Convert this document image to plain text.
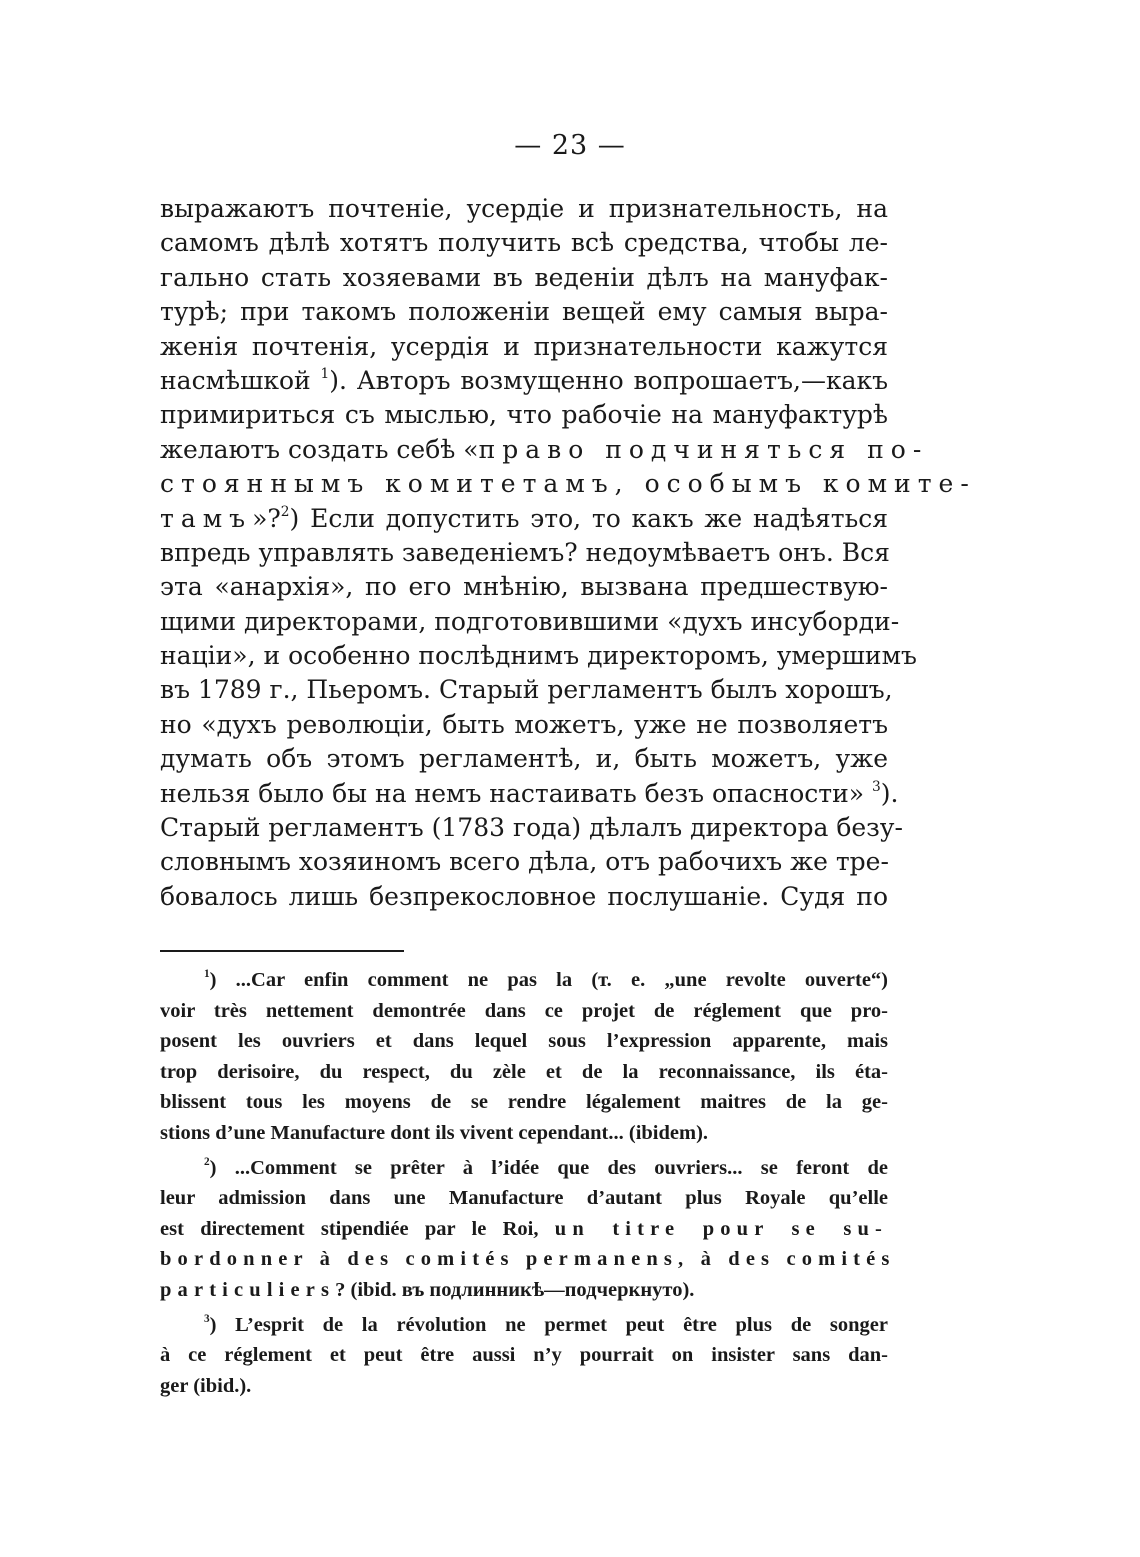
— 23 —
выражаютъ почтеніе, усердіе и признательность, на
самомъ дѣлѣ хотятъ получить всѣ средства, чтобы ле-
гально стать хозяевами въ веденіи дѣлъ на мануфак-
турѣ; при такомъ положеніи вещей ему самыя выра-
женія почтенія, усердія и признательности кажутся
насмѣшкой $^1$). Авторъ возмущенно вопрошаетъ,—какъ
примириться съ мыслью, что рабочіе на мануфактурѣ
желаютъ создать себѣ «право подчиняться по-
стояннымъ комитетамъ, особымъ комите-
тамъ»?$^2$) Если допустить это, то какъ же надѣяться
впредь управлять заведеніемъ? недоумѣваетъ онъ. Вся
эта «анархія», по его мнѣнію, вызвана предшествую-
щими директорами, подготовившими «духъ инсуборди-
націи», и особенно послѣднимъ директоромъ, умершимъ
въ 1789 г., Пьеромъ. Старый регламентъ былъ хорошъ,
но «духъ революціи, быть можетъ, уже не позволяетъ
думать объ этомъ регламентѣ, и, быть можетъ, уже
нельзя было бы на немъ настаивать безъ опасности» $^3$).
Старый регламентъ (1783 года) дѣлалъ директора безу-
словнымъ хозяиномъ всего дѣла, отъ рабочихъ же тре-
бовалось лишь безпрекословное послушаніе. Судя по
$^1$) ...Car enfin comment ne pas la (т. е. „une revolte ouverte“)
voir très nettement demontrée dans ce projet de réglement que pro-
posent les ouvriers et dans lequel sous l’expression apparente, mais
trop derisoire, du respect, du zèle et de la reconnaissance, ils éta-
blissent tous les moyens de se rendre légalement maitres de la ge-
stions d’une Manufacture dont ils vivent cependant... (ibidem).
$^2$) ...Comment se prêter à l’idée que des ouvriers... se feront de
leur admission dans une Manufacture d’autant plus Royale qu’elle
est directement stipendiée par le Roi, un titre pour se su-
bordonner à des comités permanens, à des comités
particuliers? (ibid. въ подлинникѣ—подчеркнуто).
$^3$) L’esprit de la révolution ne permet peut être plus de songer
à ce réglement et peut être aussi n’y pourrait on insister sans dan-
ger (ibid.).
